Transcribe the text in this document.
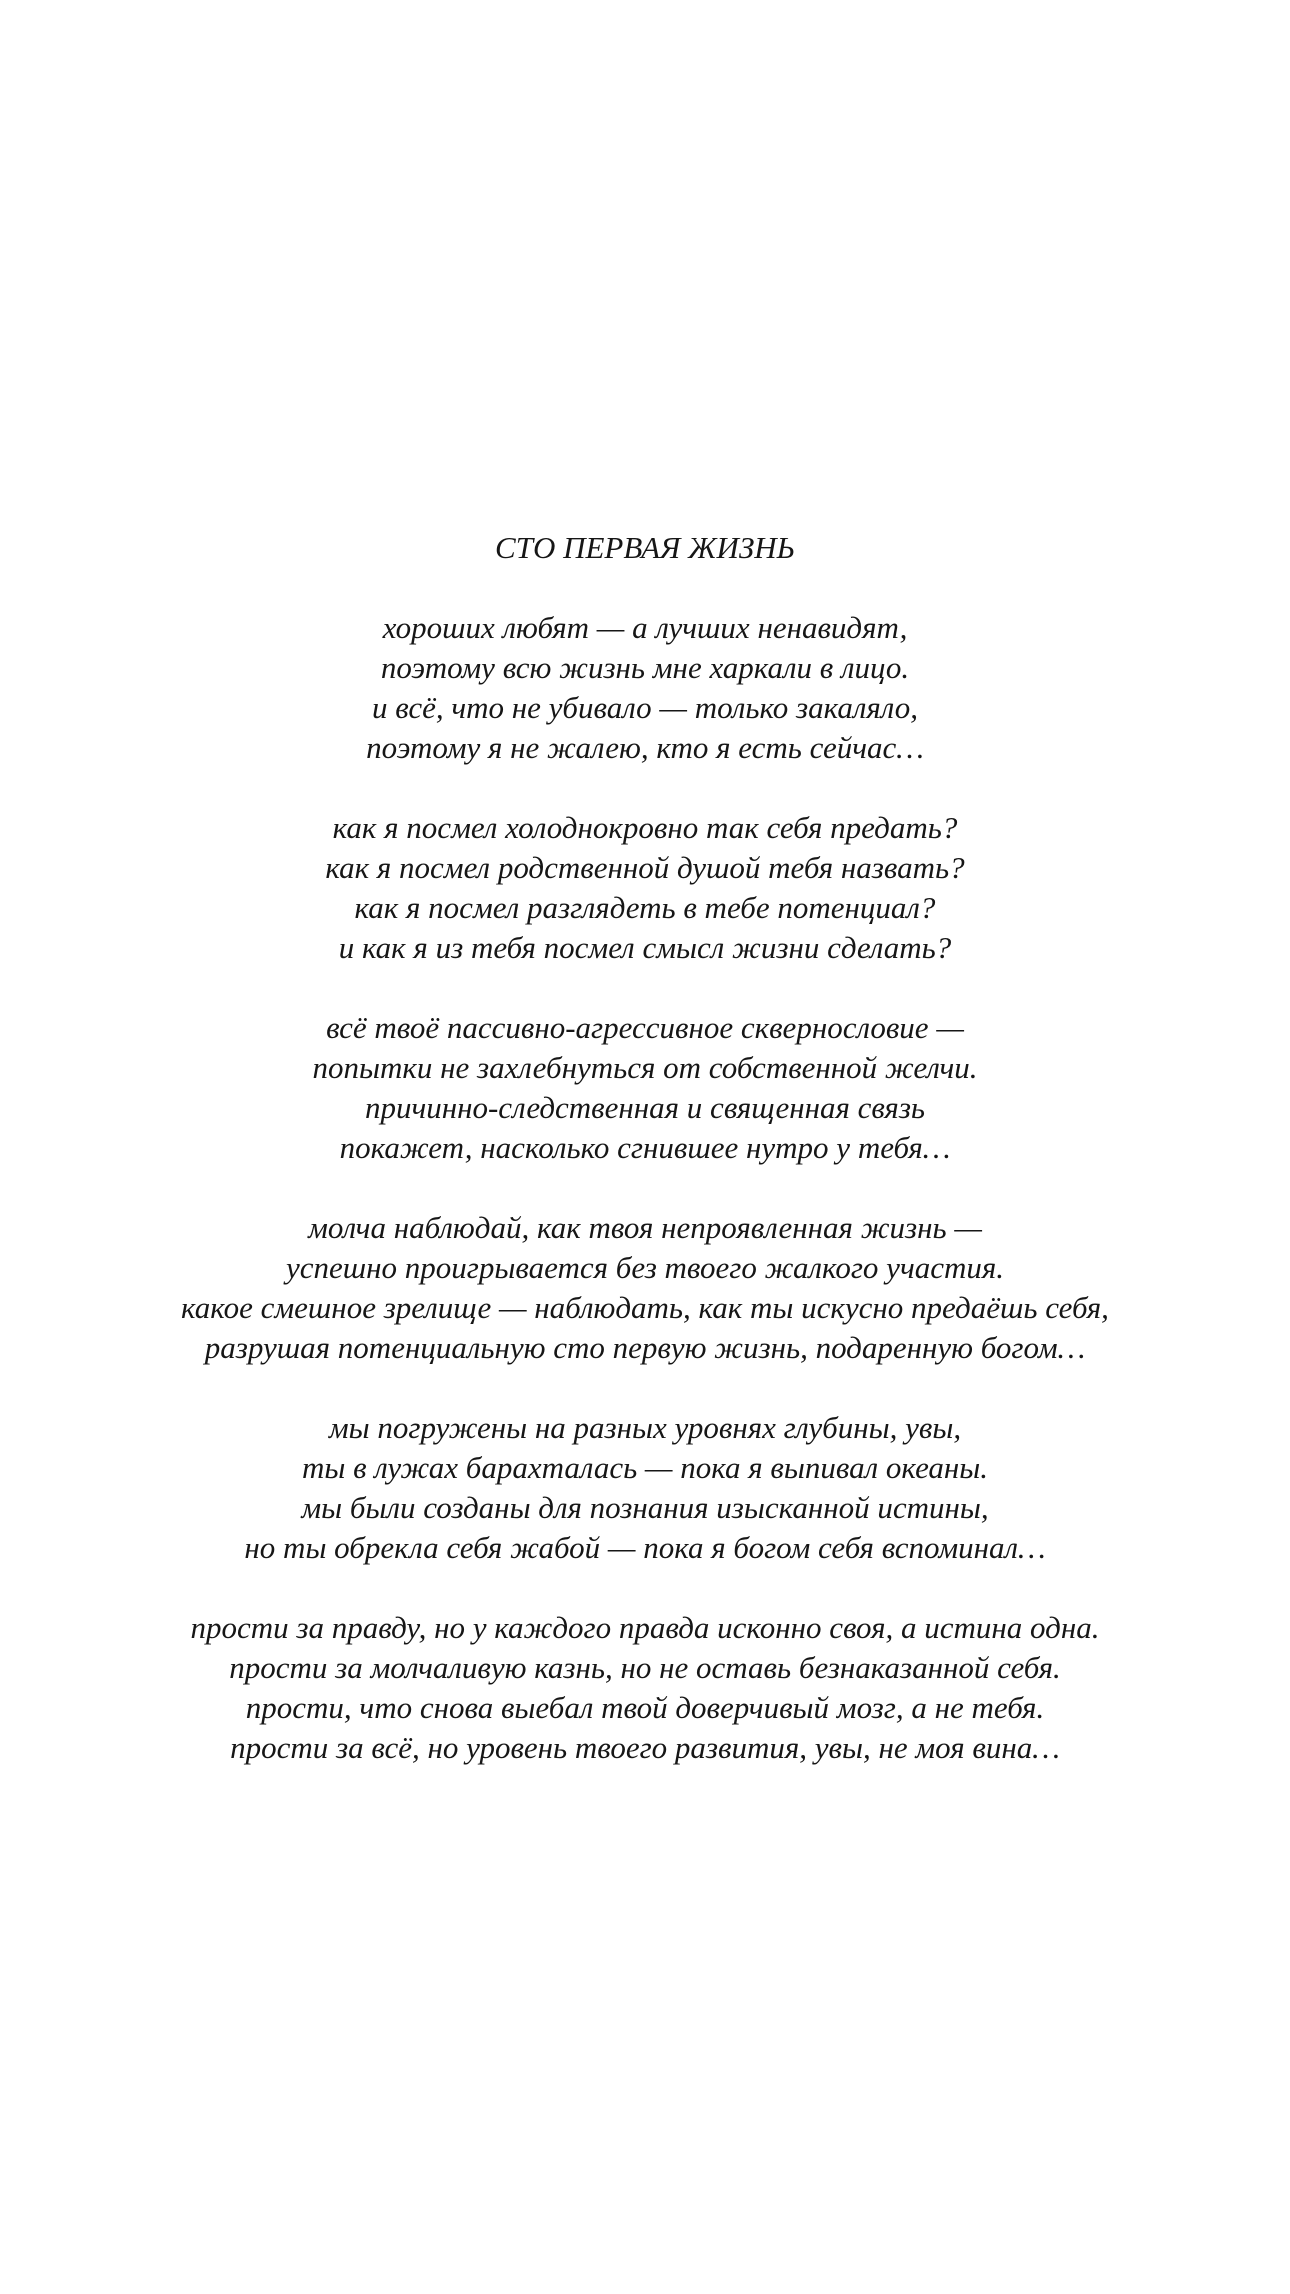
СТО ПЕРВАЯ ЖИЗНЬ
хороших любят — а лучших ненавидят,
поэтому всю жизнь мне харкали в лицо.
и всё, что не убивало — только закаляло,
поэтому я не жалею, кто я есть сейчас…
как я посмел холоднокровно так себя предать?
как я посмел родственной душой тебя назвать?
как я посмел разглядеть в тебе потенциал?
и как я из тебя посмел смысл жизни сделать?
всё твоё пассивно-агрессивное сквернословие —
попытки не захлебнуться от собственной желчи.
причинно-следственная и священная связь
покажет, насколько сгнившее нутро у тебя…
молча наблюдай, как твоя непроявленная жизнь —
успешно проигрывается без твоего жалкого участия.
какое смешное зрелище — наблюдать, как ты искусно предаёшь себя,
разрушая потенциальную сто первую жизнь, подаренную богом…
мы погружены на разных уровнях глубины, увы,
ты в лужах барахталась — пока я выпивал океаны.
мы были созданы для познания изысканной истины,
но ты обрекла себя жабой — пока я богом себя вспоминал…
прости за правду, но у каждого правда исконно своя, а истина одна.
прости за молчаливую казнь, но не оставь безнаказанной себя.
прости, что снова выебал твой доверчивый мозг, а не тебя.
прости за всё, но уровень твоего развития, увы, не моя вина…
